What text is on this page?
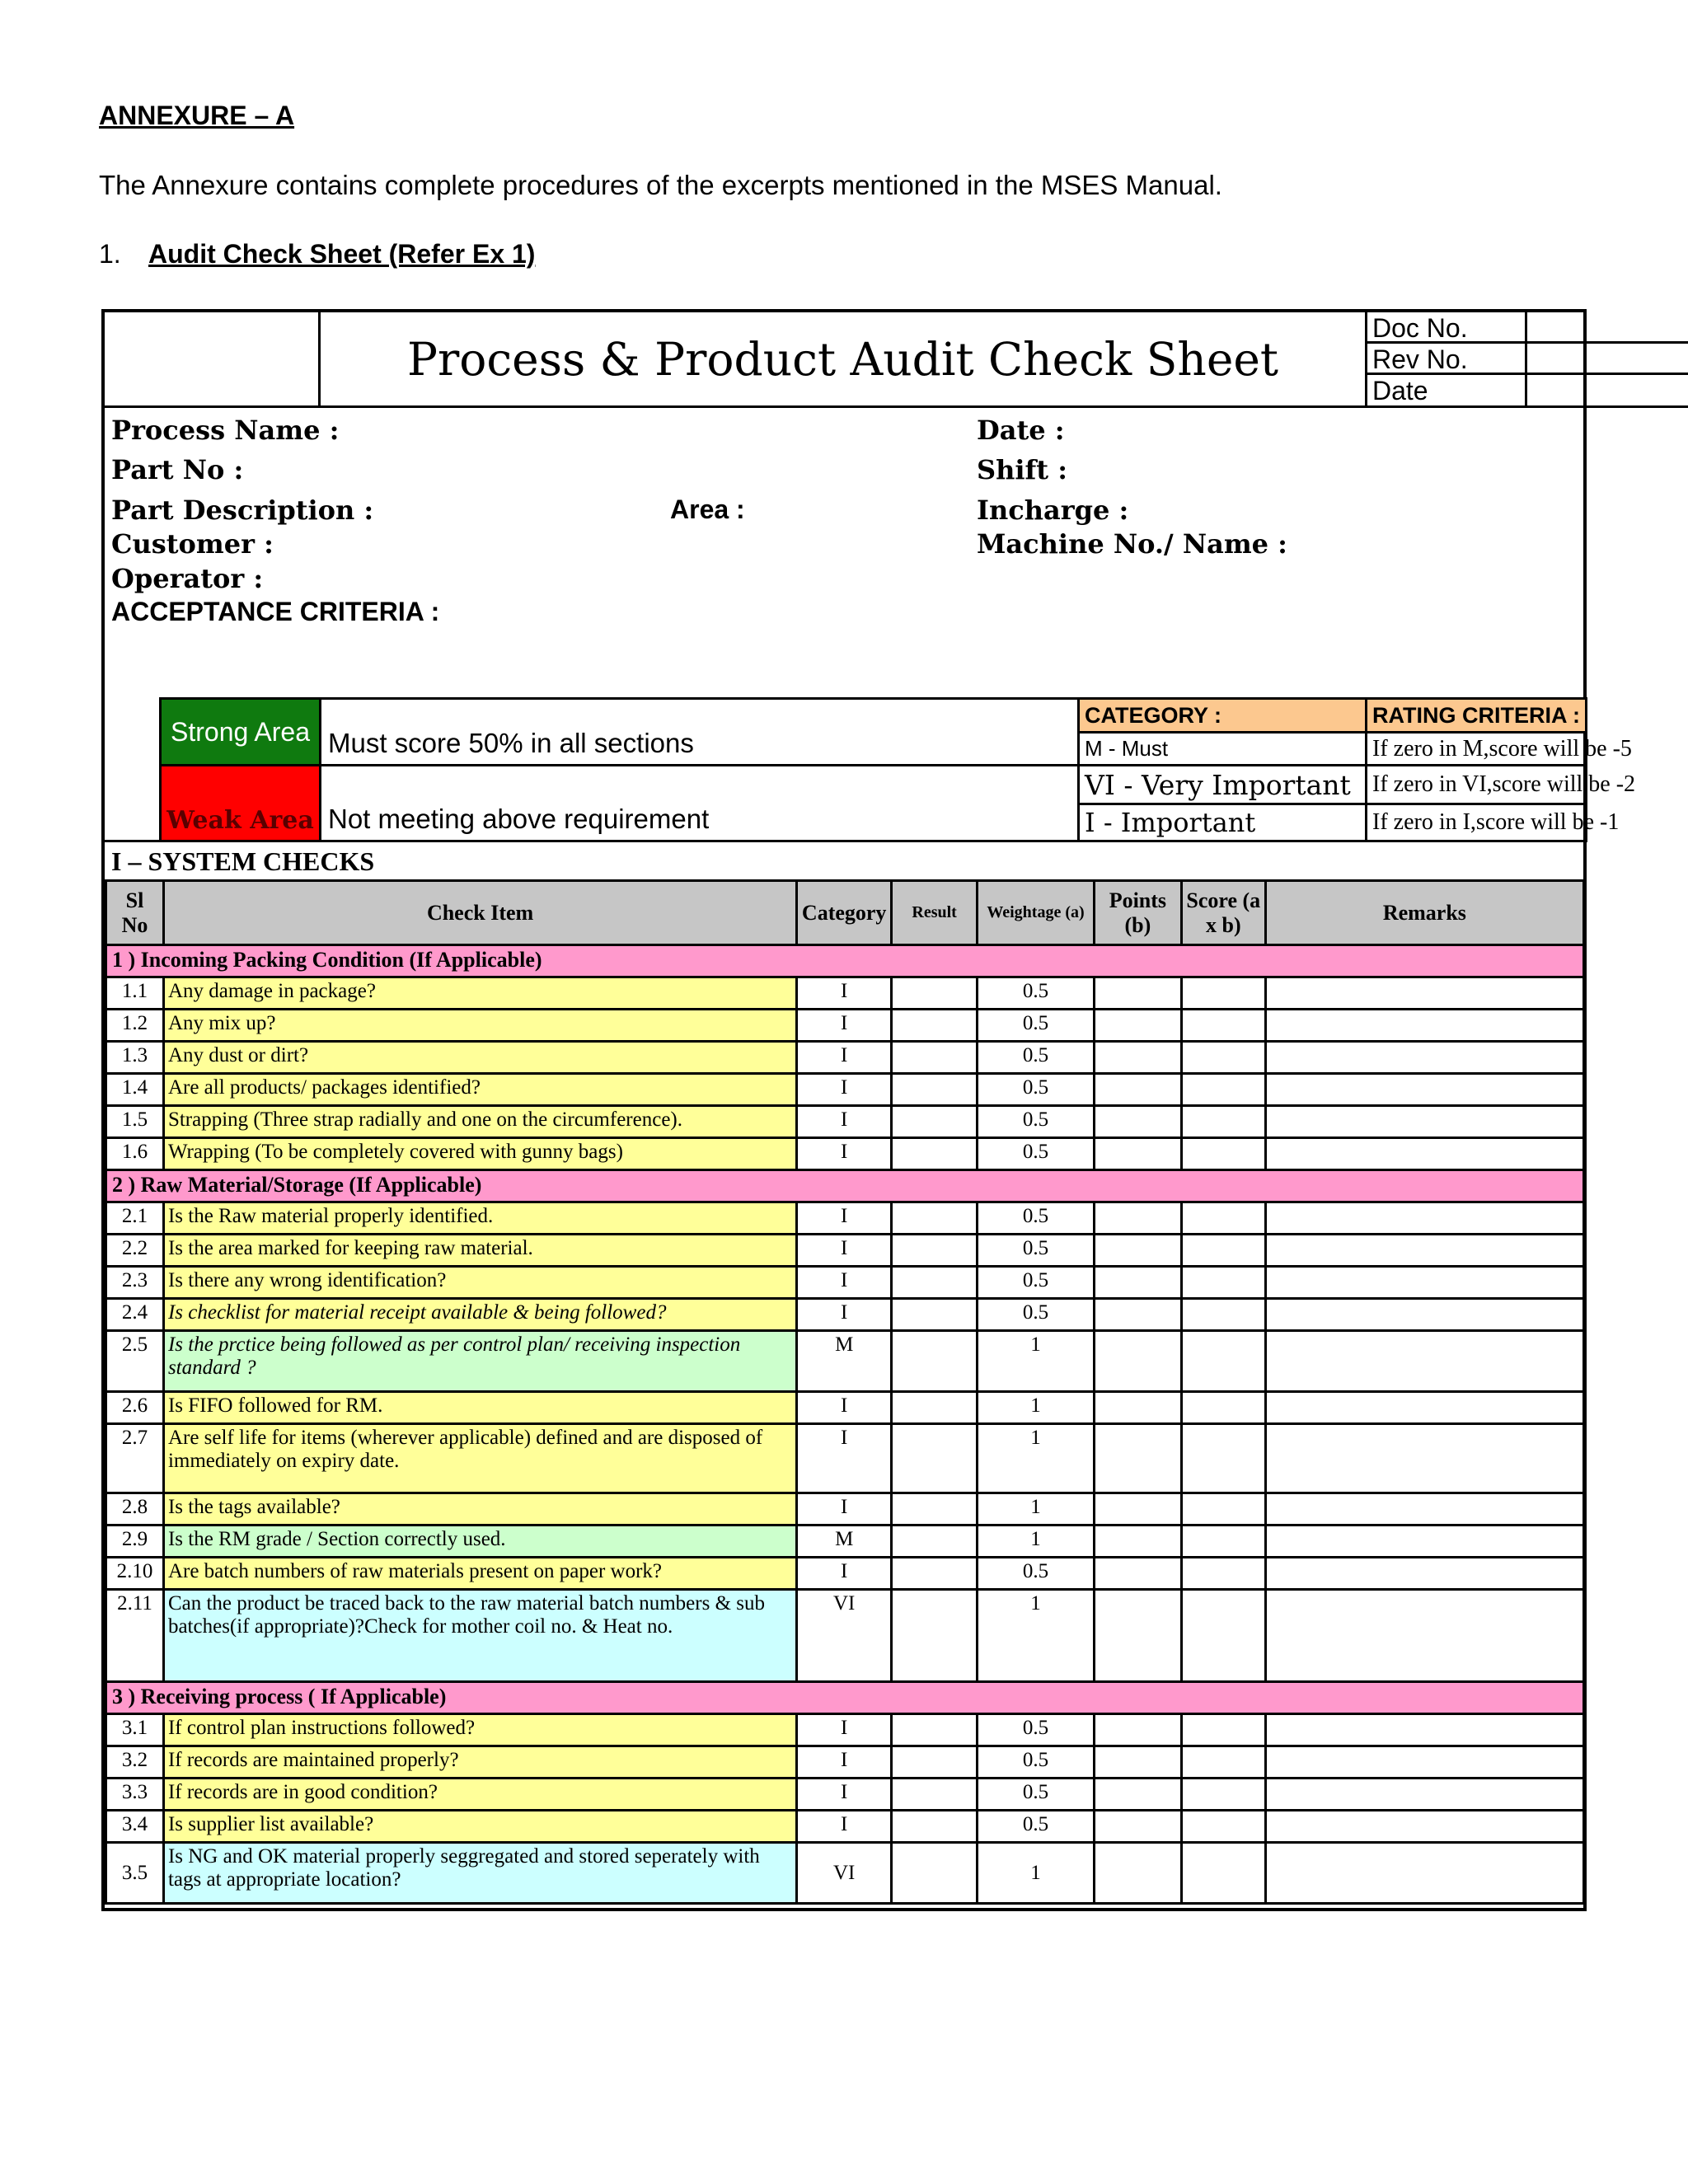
ANNEXURE – A
The Annexure contains complete procedures of the excerpts mentioned in the MSES Manual.
1. Audit Check Sheet (Refer Ex 1)
Process & Product Audit Check Sheet
Doc No.
Rev No.
Date
Process Name :
Part No :
Part Description :	Area :
Customer :
Operator :
ACCEPTANCE CRITERIA :
Date :
Shift :
Incharge :
Machine No./ Name :
Strong Area Must score 50% in all sections
Weak Area Not meeting above requirement
CATEGORY :	RATING CRITERIA :
M - Must	If zero in M,score will be -5
VI - Very Important If zero in VI,score will be -2
I - Important	If zero in I,score will be -1
I – SYSTEM CHECKS
Sl No	Check Item	Category	Result	Weightage (a)	Points (b)	Score (a x b)	Remarks
1 ) Incoming Packing Condition (If Applicable)							
1.1	Any damage in package?	I		0.5			
1.2	Any mix up?	I		0.5			
1.3	Any dust or dirt?	I		0.5			
1.4	Are all products/ packages identified?	I		0.5			
1.5	Strapping (Three strap radially and one on the circumference).	I		0.5			
1.6	Wrapping (To be completely covered with gunny bags)	I		0.5			
2 ) Raw Material/Storage (If Applicable)							
2.1	Is the Raw material properly identified.	I		0.5			
2.2	Is the area marked for keeping raw material.	I		0.5			
2.3	Is there any wrong identification?	I		0.5			
2.4	Is checklist for material receipt available & being followed?	I		0.5			
2.5	Is the prctice being followed as per control plan/ receiving inspection standard ?	M		1			
2.6	Is FIFO followed for RM.	I		1			
2.7	Are self life for items (wherever applicable) defined and are disposed of immediately on expiry date.	I		1			
2.8	Is the tags available?	I		1			
2.9	Is the RM grade / Section correctly used.	M		1			
2.10	Are batch numbers of raw materials present on paper work?	I		0.5			
2.11	Can the product be traced back to the raw material batch numbers & sub batches(if appropriate)?Check for mother coil no. & Heat no.	VI		1			
3 ) Receiving process ( If Applicable)							
3.1	If control plan instructions followed?	I		0.5			
3.2	If records are maintained properly?	I		0.5			
3.3	If records are in good condition?	I		0.5			
3.4	Is supplier list available?	I		0.5			
3.5	Is NG and OK material properly seggregated and stored seperately with tags at appropriate location?	VI		1			
